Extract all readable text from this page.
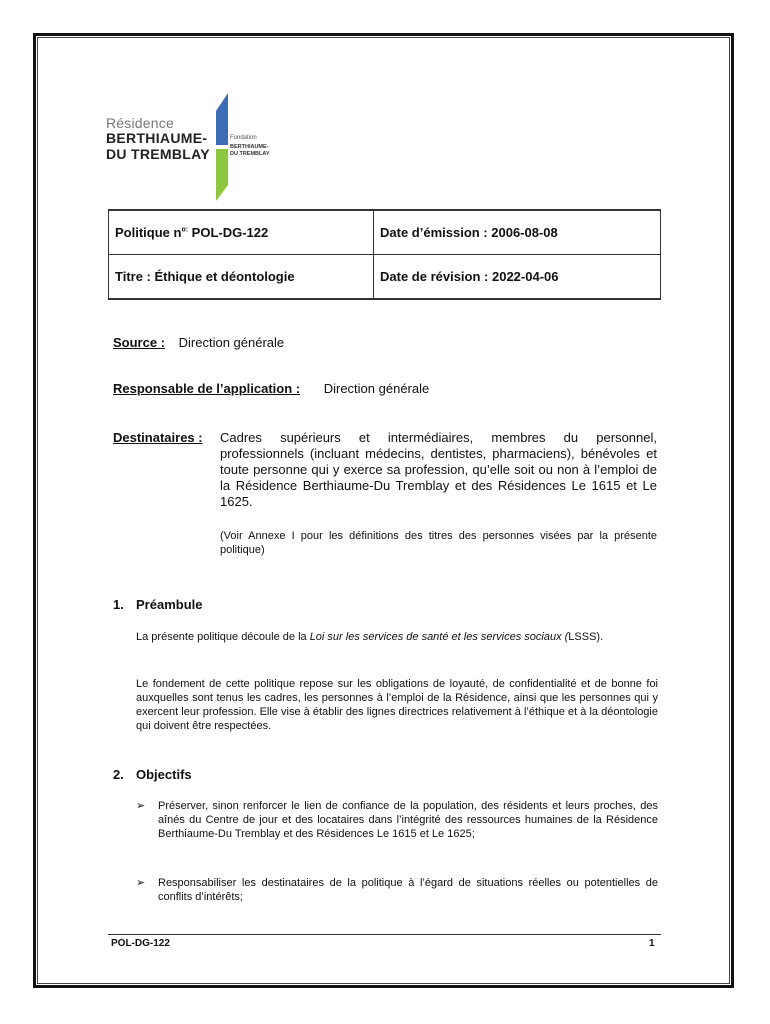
Résidence
BERTHIAUME-
DU TREMBLAY
Fondation
BERTHIAUME-
DU TREMBLAY
Politique $n^{o:}$ POL-DG-122	Date d’émission : 2006-08-08
Titre : Éthique et déontologie	Date de révision : 2022-04-06
Source : Direction générale
Responsable de l’application : Direction générale
Destinataires : Cadres supérieurs et intermédiaires, membres du personnel, professionnels (incluant médecins, dentistes, pharmaciens), bénévoles et toute personne qui y exerce sa profession, qu’elle soit ou non à l’emploi de la Résidence Berthiaume-Du Tremblay et des Résidences Le 1615 et Le 1625.
(Voir Annexe I pour les définitions des titres des personnes visées par la présente politique)
1. Préambule
La présente politique découle de la Loi sur les services de santé et les services sociaux (LSSS).
Le fondement de cette politique repose sur les obligations de loyauté, de confidentialité et de bonne foi auxquelles sont tenus les cadres, les personnes à l’emploi de la Résidence, ainsi que les personnes qui y exercent leur profession. Elle vise à établir des lignes directrices relativement à l’éthique et à la déontologie qui doivent être respectées.
2. Objectifs
➢ Préserver, sinon renforcer le lien de confiance de la population, des résidents et leurs proches, des aînés du Centre de jour et des locataires dans l’intégrité des ressources humaines de la Résidence Berthiaume-Du Tremblay et des Résidences Le 1615 et Le 1625;
➢ Responsabiliser les destinataires de la politique à l’égard de situations réelles ou potentielles de conflits d’intérêts;
POL-DG-122	1
